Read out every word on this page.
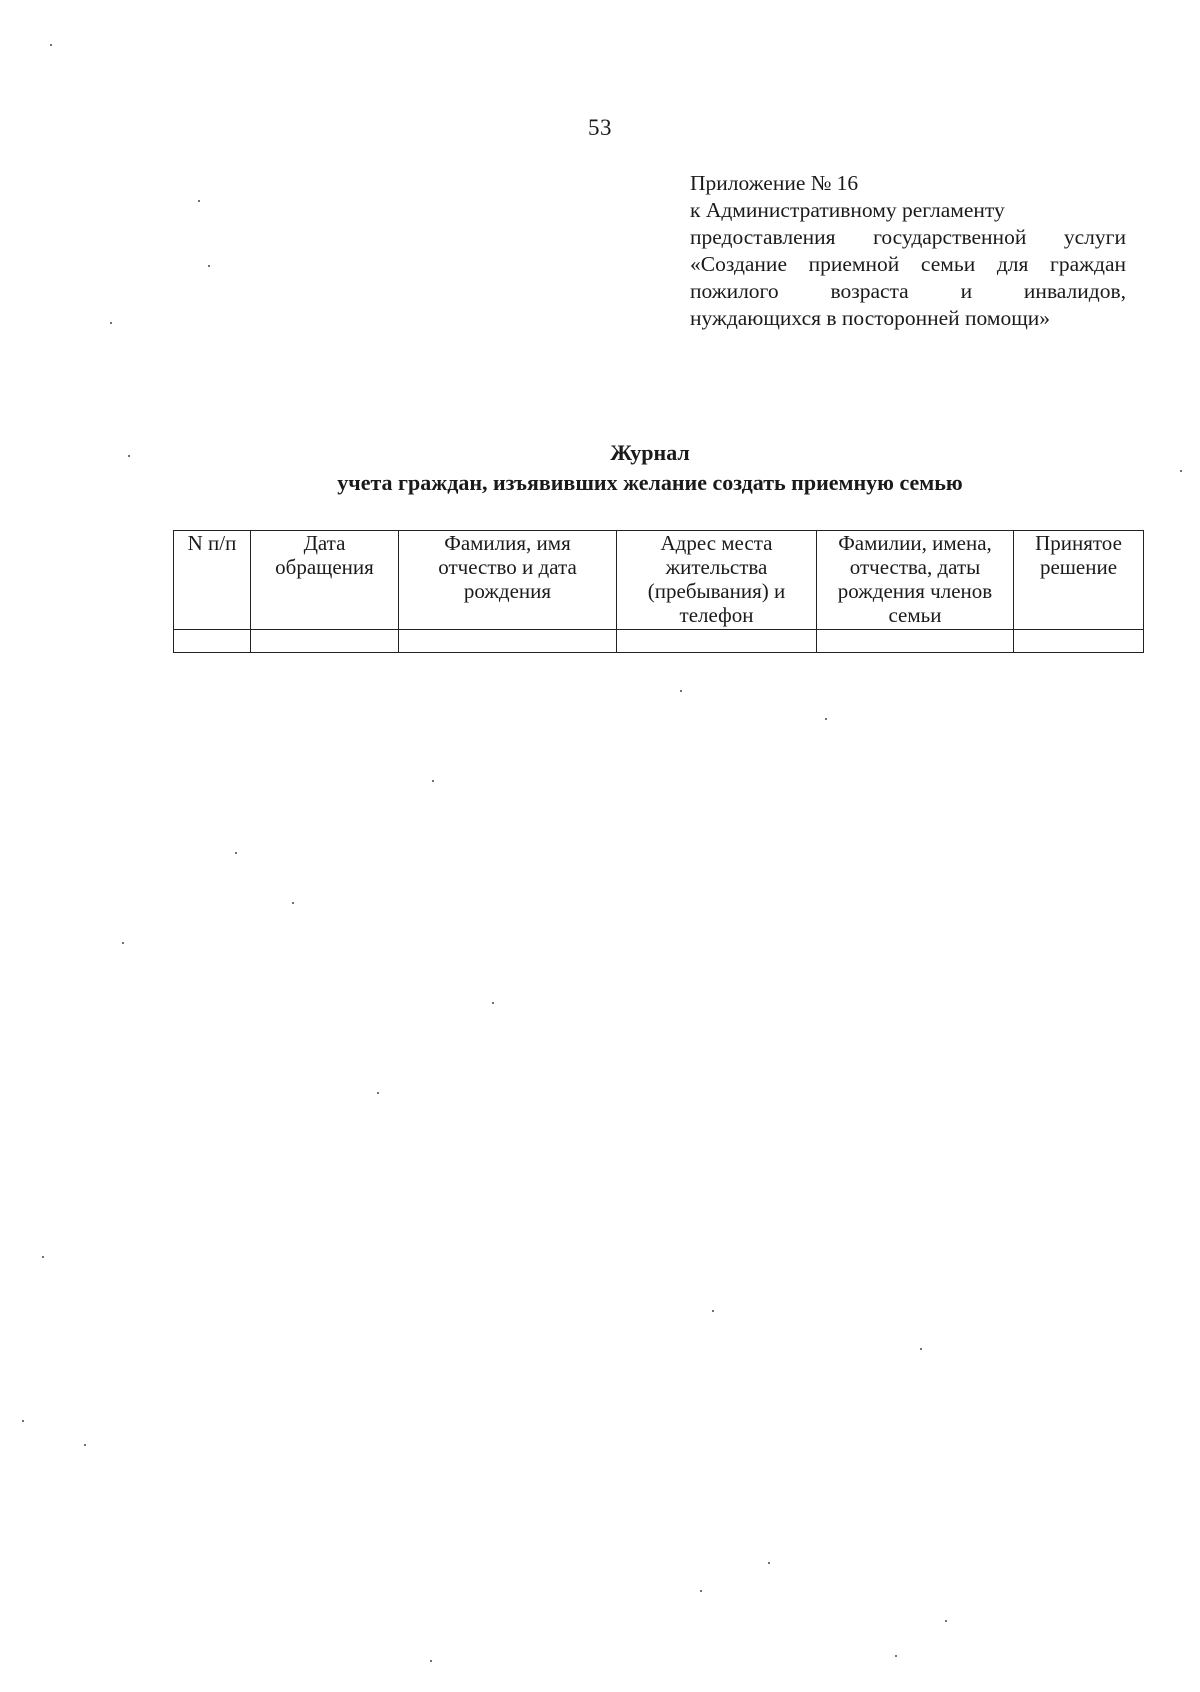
53
Приложение № 16
к Административному регламенту
предоставления государственной услуги
«Создание приемной семьи для граждан
пожилого возраста и инвалидов,
нуждающихся в посторонней помощи»
Журнал
учета граждан, изъявивших желание создать приемную семью
N п/п	Дата обращения	Фамилия, имя отчество и дата рождения	Адрес места жительства (пребывания) и телефон	Фамилии, имена, отчества, даты рождения членов семьи	Принятое решение
